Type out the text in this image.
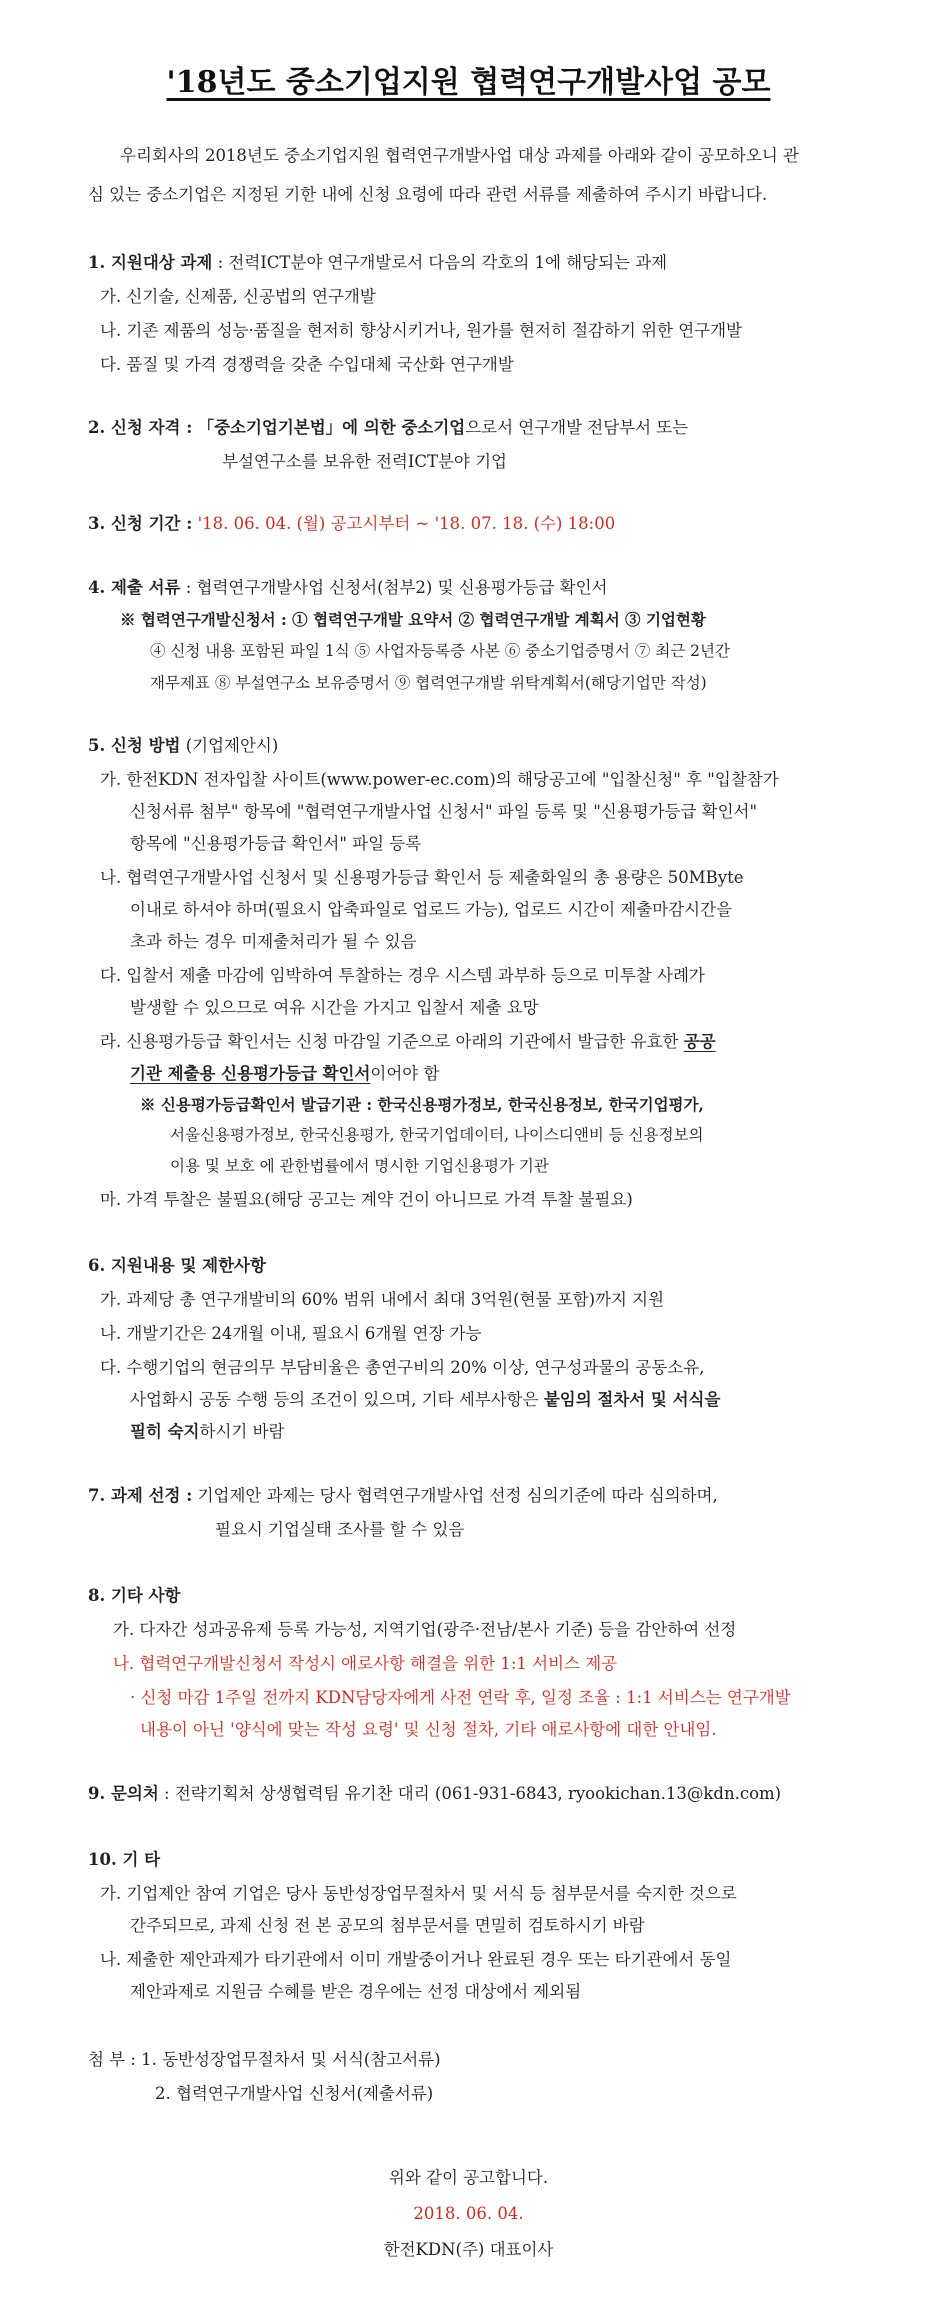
'18년도 중소기업지원 협력연구개발사업 공모
우리회사의 2018년도 중소기업지원 협력연구개발사업 대상 과제를 아래와 같이 공모하오니 관
심 있는 중소기업은 지정된 기한 내에 신청 요령에 따라 관련 서류를 제출하여 주시기 바랍니다.
1. 지원대상 과제 : 전력ICT분야 연구개발로서 다음의 각호의 1에 해당되는 과제
가. 신기술, 신제품, 신공법의 연구개발
나. 기존 제품의 성능·품질을 현저히 향상시키거나, 원가를 현저히 절감하기 위한 연구개발
다. 품질 및 가격 경쟁력을 갖춘 수입대체 국산화 연구개발
2. 신청 자격 : 「중소기업기본법」에 의한 중소기업으로서 연구개발 전담부서 또는
부설연구소를 보유한 전력ICT분야 기업
3. 신청 기간 : '18. 06. 04. (월) 공고시부터 ~ '18. 07. 18. (수) 18:00
4. 제출 서류 : 협력연구개발사업 신청서(첨부2) 및 신용평가등급 확인서
※ 협력연구개발신청서 : ① 협력연구개발 요약서 ② 협력연구개발 계획서 ③ 기업현황
④ 신청 내용 포함된 파일 1식 ⑤ 사업자등록증 사본 ⑥ 중소기업증명서 ⑦ 최근 2년간
재무제표 ⑧ 부설연구소 보유증명서 ⑨ 협력연구개발 위탁계획서(해당기업만 작성)
5. 신청 방법 (기업제안시)
가. 한전KDN 전자입찰 사이트(www.power-ec.com)의 해당공고에 "입찰신청" 후 "입찰참가
신청서류 첨부" 항목에 "협력연구개발사업 신청서" 파일 등록 및 "신용평가등급 확인서"
항목에 "신용평가등급 확인서" 파일 등록
나. 협력연구개발사업 신청서 및 신용평가등급 확인서 등 제출화일의 총 용량은 50MByte
이내로 하셔야 하며(필요시 압축파일로 업로드 가능), 업로드 시간이 제출마감시간을
초과 하는 경우 미제출처리가 될 수 있음
다. 입찰서 제출 마감에 임박하여 투찰하는 경우 시스템 과부하 등으로 미투찰 사례가
발생할 수 있으므로 여유 시간을 가지고 입찰서 제출 요망
라. 신용평가등급 확인서는 신청 마감일 기준으로 아래의 기관에서 발급한 유효한 공공
기관 제출용 신용평가등급 확인서이어야 함
※ 신용평가등급확인서 발급기관 : 한국신용평가정보, 한국신용정보, 한국기업평가,
서울신용평가정보, 한국신용평가, 한국기업데이터, 나이스디앤비 등 신용정보의
이용 및 보호 에 관한법률에서 명시한 기업신용평가 기관
마. 가격 투찰은 불필요(해당 공고는 계약 건이 아니므로 가격 투찰 불필요)
6. 지원내용 및 제한사항
가. 과제당 총 연구개발비의 60% 범위 내에서 최대 3억원(현물 포함)까지 지원
나. 개발기간은 24개월 이내, 필요시 6개월 연장 가능
다. 수행기업의 현금의무 부담비율은 총연구비의 20% 이상, 연구성과물의 공동소유,
사업화시 공동 수행 등의 조건이 있으며, 기타 세부사항은 붙임의 절차서 및 서식을
필히 숙지하시기 바람
7. 과제 선정 : 기업제안 과제는 당사 협력연구개발사업 선정 심의기준에 따라 심의하며,
필요시 기업실태 조사를 할 수 있음
8. 기타 사항
가. 다자간 성과공유제 등록 가능성, 지역기업(광주·전남/본사 기준) 등을 감안하여 선정
나. 협력연구개발신청서 작성시 애로사항 해결을 위한 1:1 서비스 제공
· 신청 마감 1주일 전까지 KDN담당자에게 사전 연락 후, 일정 조율 : 1:1 서비스는 연구개발
내용이 아닌 '양식에 맞는 작성 요령' 및 신청 절차, 기타 애로사항에 대한 안내임.
9. 문의처 : 전략기획처 상생협력팀 유기찬 대리 (061-931-6843, ryookichan.13@kdn.com)
10. 기 타
가. 기업제안 참여 기업은 당사 동반성장업무절차서 및 서식 등 첨부문서를 숙지한 것으로
간주되므로, 과제 신청 전 본 공모의 첨부문서를 면밀히 검토하시기 바람
나. 제출한 제안과제가 타기관에서 이미 개발중이거나 완료된 경우 또는 타기관에서 동일
제안과제로 지원금 수혜를 받은 경우에는 선정 대상에서 제외됨
첨 부 : 1. 동반성장업무절차서 및 서식(참고서류)
2. 협력연구개발사업 신청서(제출서류)
위와 같이 공고합니다.
2018. 06. 04.
한전KDN(주) 대표이사
